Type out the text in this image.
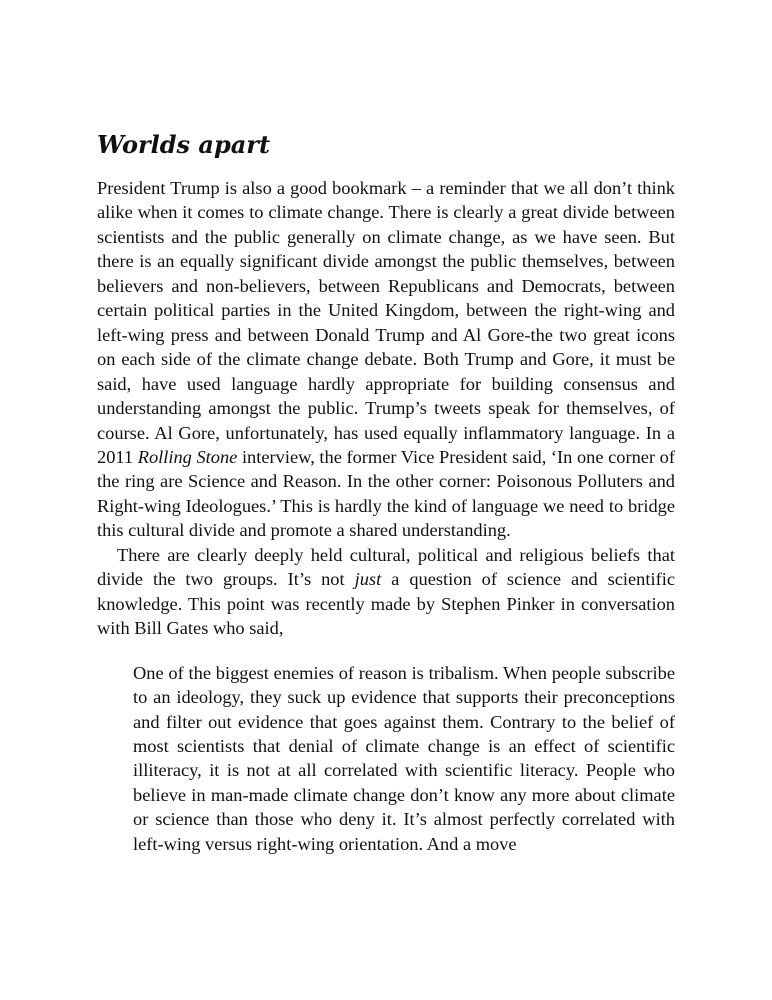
Worlds apart

President Trump is also a good bookmark – a reminder that we all don’t think alike when it comes to climate change. There is clearly a great divide between scientists and the public generally on climate change, as we have seen. But there is an equally significant divide amongst the public themselves, between believers and non-believers, between Republicans and Democrats, between certain political parties in the United Kingdom, between the right-wing and left-wing press and between Donald Trump and Al Gore-the two great icons on each side of the climate change debate. Both Trump and Gore, it must be said, have used language hardly appropriate for building consensus and understanding amongst the public. Trump’s tweets speak for themselves, of course. Al Gore, unfortunately, has used equally inflammatory language. In a 2011 Rolling Stone interview, the former Vice President said, ‘In one corner of the ring are Science and Reason. In the other corner: Poisonous Polluters and Right-wing Ideologues.’ This is hardly the kind of language we need to bridge this cultural divide and promote a shared understanding.

There are clearly deeply held cultural, political and religious beliefs that divide the two groups. It’s not just a question of science and scientific knowledge. This point was recently made by Stephen Pinker in conversation with Bill Gates who said,

One of the biggest enemies of reason is tribalism. When people subscribe to an ideology, they suck up evidence that supports their preconceptions and filter out evidence that goes against them. Contrary to the belief of most scientists that denial of climate change is an effect of scientific illiteracy, it is not at all correlated with scientific literacy. People who believe in man-made climate change don’t know any more about climate or science than those who deny it. It’s almost perfectly correlated with left-wing versus right-wing orientation. And a move
